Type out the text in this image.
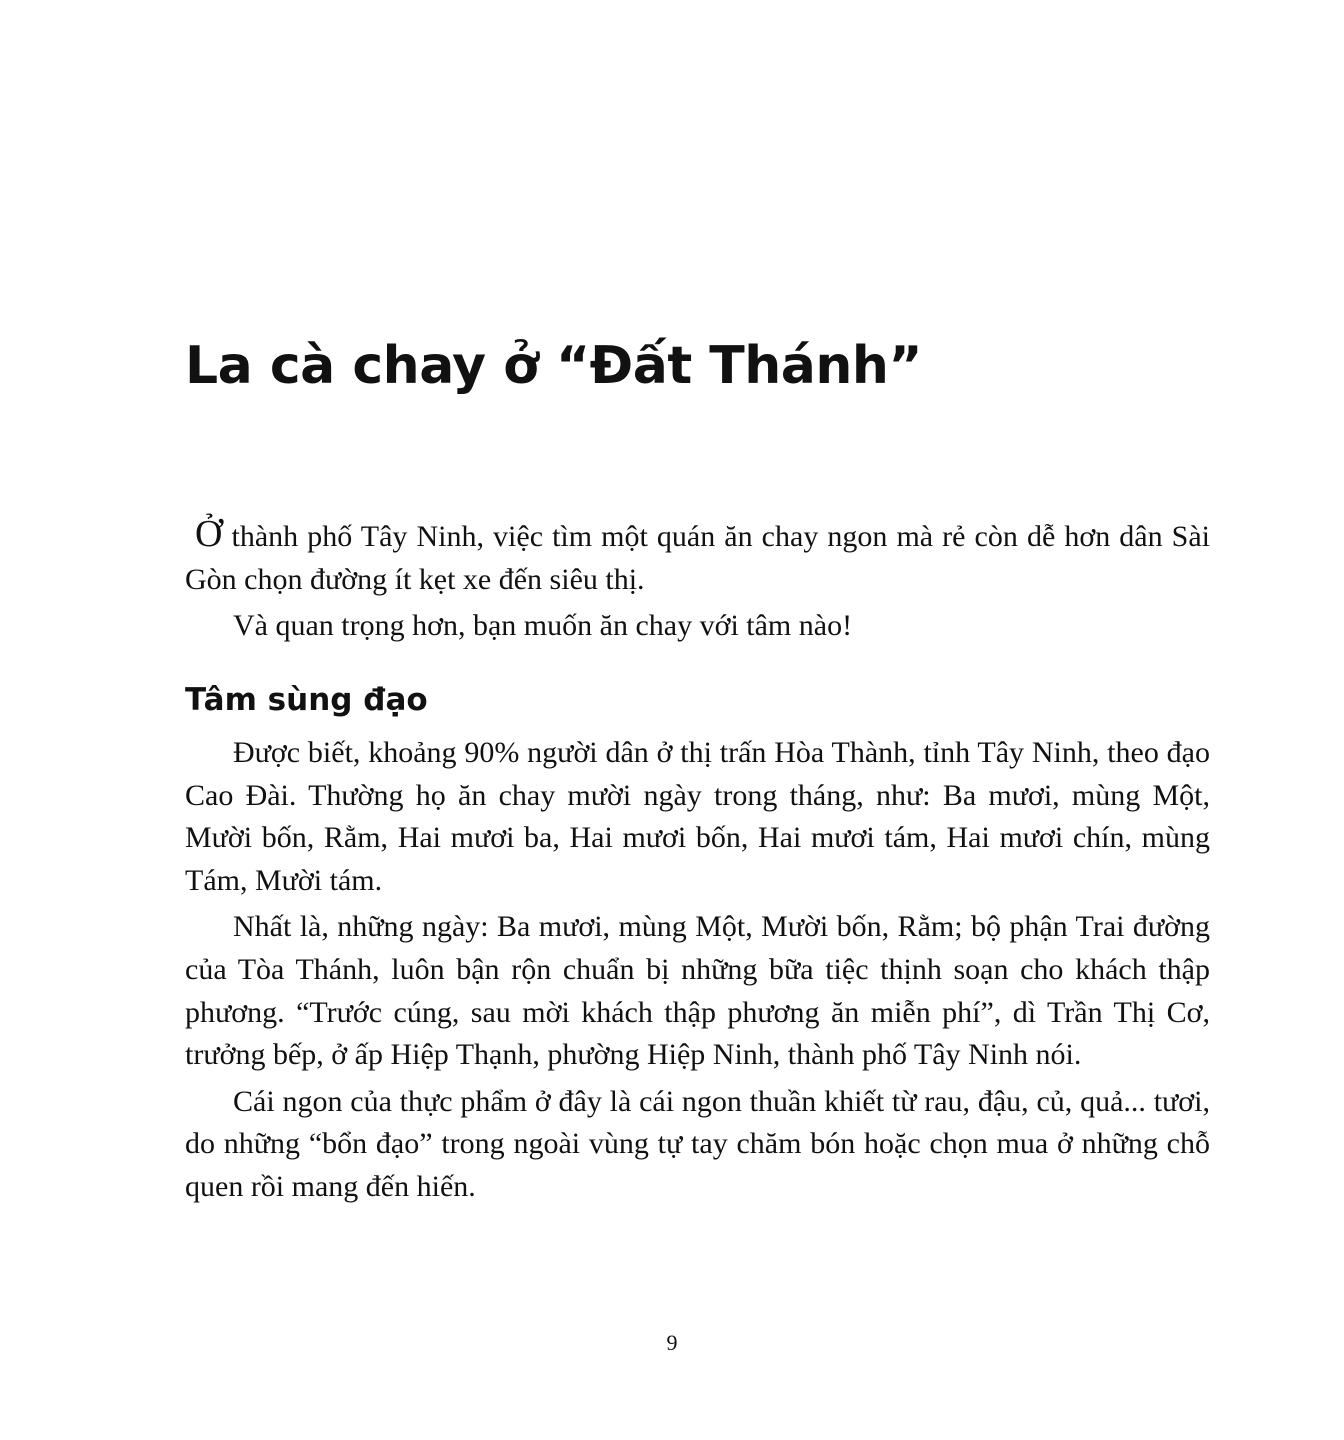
La cà chay ở “Đất Thánh”

Ở thành phố Tây Ninh, việc tìm một quán ăn chay ngon mà rẻ còn dễ hơn dân Sài Gòn chọn đường ít kẹt xe đến siêu thị.

Và quan trọng hơn, bạn muốn ăn chay với tâm nào!

Tâm sùng đạo

Được biết, khoảng 90% người dân ở thị trấn Hòa Thành, tỉnh Tây Ninh, theo đạo Cao Đài. Thường họ ăn chay mười ngày trong tháng, như: Ba mươi, mùng Một, Mười bốn, Rằm, Hai mươi ba, Hai mươi bốn, Hai mươi tám, Hai mươi chín, mùng Tám, Mười tám.

Nhất là, những ngày: Ba mươi, mùng Một, Mười bốn, Rằm; bộ phận Trai đường của Tòa Thánh, luôn bận rộn chuẩn bị những bữa tiệc thịnh soạn cho khách thập phương. “Trước cúng, sau mời khách thập phương ăn miễn phí”, dì Trần Thị Cơ, trưởng bếp, ở ấp Hiệp Thạnh, phường Hiệp Ninh, thành phố Tây Ninh nói.

Cái ngon của thực phẩm ở đây là cái ngon thuần khiết từ rau, đậu, củ, quả... tươi, do những “bổn đạo” trong ngoài vùng tự tay chăm bón hoặc chọn mua ở những chỗ quen rồi mang đến hiến.

9
